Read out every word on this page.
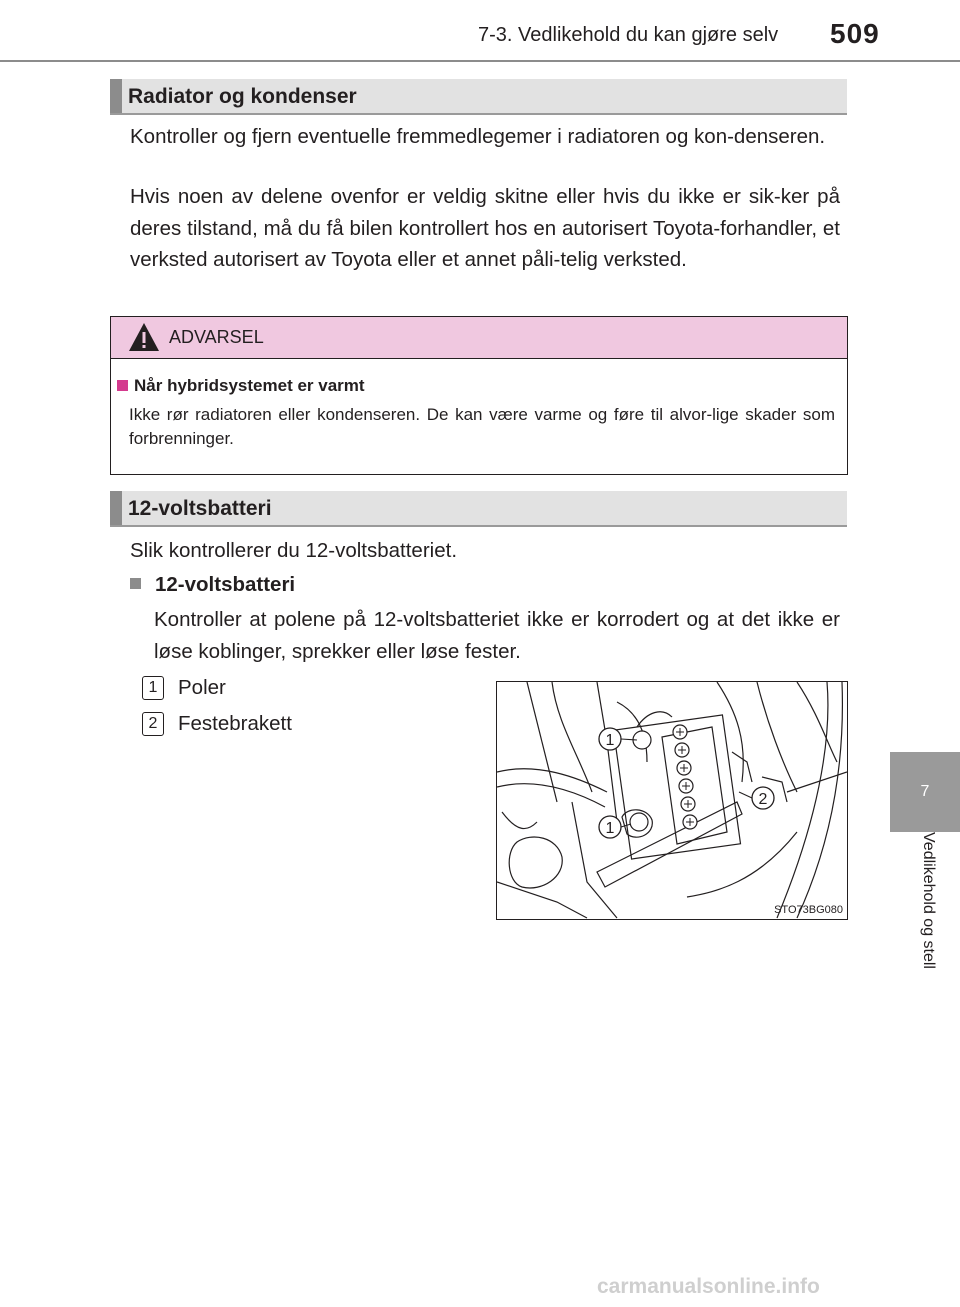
7-3. Vedlikehold du kan gjøre selv 509
7
Vedlikehold og stell
Radiator og kondenser
Kontroller og fjern eventuelle fremmedlegemer i radiatoren og kon-denseren.
Hvis noen av delene ovenfor er veldig skitne eller hvis du ikke er sik-ker på deres tilstand, må du få bilen kontrollert hos en autorisert Toyota-forhandler, et verksted autorisert av Toyota eller et annet påli-telig verksted.
ADVARSEL
Når hybridsystemet er varmt
Ikke rør radiatoren eller kondenseren. De kan være varme og føre til alvor-lige skader som forbrenninger.
12-voltsbatteri
Slik kontrollerer du 12-voltsbatteriet.
12-voltsbatteri
Kontroller at polene på 12-voltsbatteriet ikke er korrodert og at det ikke er løse koblinger, sprekker eller løse fester.
1 Poler
2 Festebrakett
1
1
2
STO73BG080
carmanualsonline.info
